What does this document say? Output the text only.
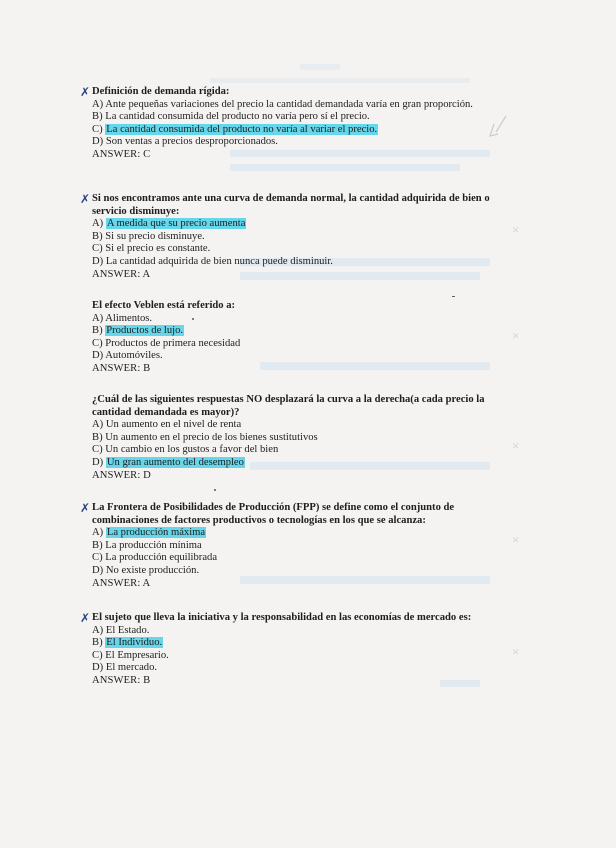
×
×
×
×
×
✗ Definición de demanda rígida:
A) Ante pequeñas variaciones del precio la cantidad demandada varía en gran proporción.
B) La cantidad consumida del producto no varía pero sí el precio.
C) La cantidad consumida del producto no varía al variar el precio.
D) Son ventas a precios desproporcionados.
ANSWER: C
✗ Si nos encontramos ante una curva de demanda normal, la cantidad adquirida de bien o servicio disminuye:
A) A medida que su precio aumenta
B) Si su precio disminuye.
C) Si el precio es constante.
D) La cantidad adquirida de bien nunca puede disminuir.
ANSWER: A
El efecto Veblen está referido a:
A) Alimentos.
B) Productos de lujo.
C) Productos de primera necesidad
D) Automóviles.
ANSWER: B
¿Cuál de las siguientes respuestas NO desplazará la curva a la derecha(a cada precio la cantidad demandada es mayor)?
A) Un aumento en el nivel de renta
B) Un aumento en el precio de los bienes sustitutivos
C) Un cambio en los gustos a favor del bien
D) Un gran aumento del desempleo
ANSWER: D
✗ La Frontera de Posibilidades de Producción (FPP) se define como el conjunto de combinaciones de factores productivos o tecnologías en los que se alcanza:
A) La producción máxima
B) La producción mínima
C) La producción equilibrada
D) No existe producción.
ANSWER: A
✗ El sujeto que lleva la iniciativa y la responsabilidad en las economías de mercado es:
A) El Estado.
B) El Individuo.
C) El Empresario.
D) El mercado.
ANSWER: B
